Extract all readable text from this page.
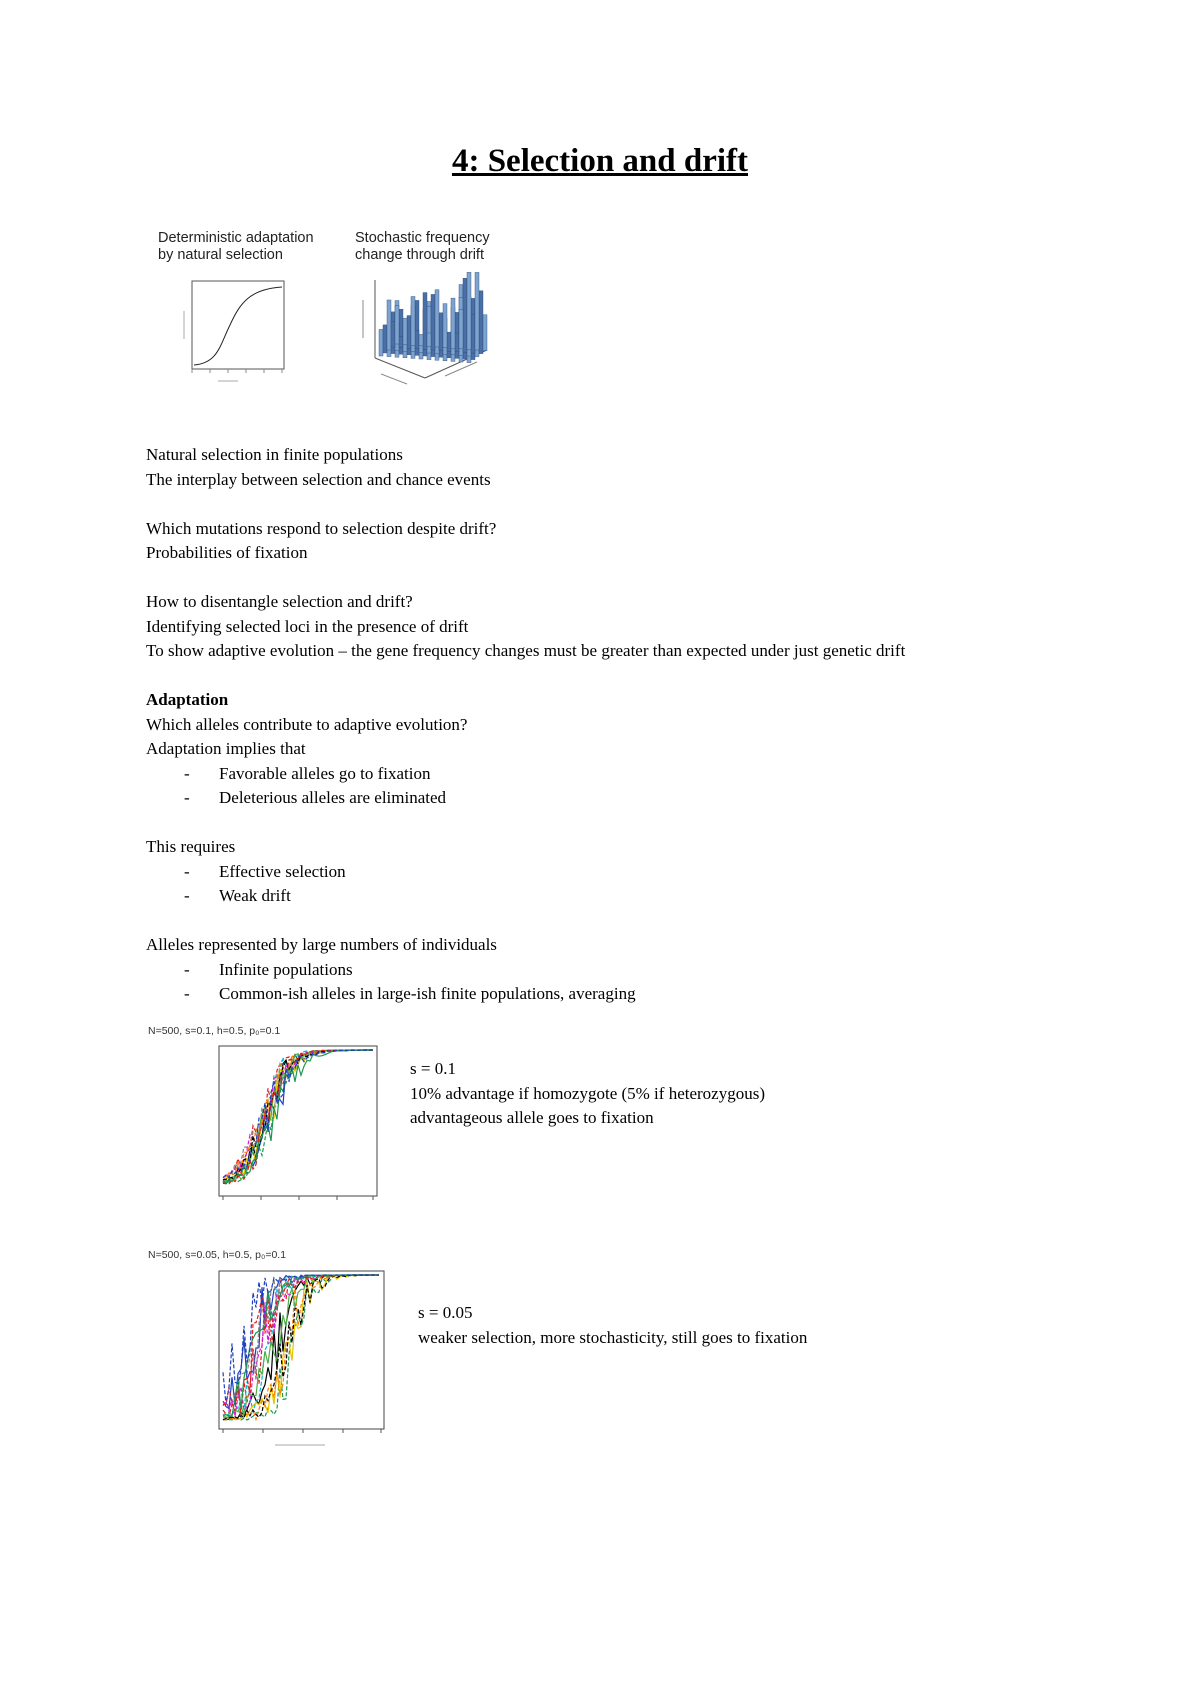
4: Selection and drift
Deterministic adaptation
by natural selection
Stochastic frequency
change through drift
Natural selection in finite populations
The interplay between selection and chance events
Which mutations respond to selection despite drift?
Probabilities of fixation
How to disentangle selection and drift?
Identifying selected loci in the presence of drift
To show adaptive evolution – the gene frequency changes must be greater than expected under just genetic drift
Adaptation
Which alleles contribute to adaptive evolution?
Adaptation implies that
- Favorable alleles go to fixation
- Deleterious alleles are eliminated
This requires
- Effective selection
- Weak drift
Alleles represented by large numbers of individuals
- Infinite populations
- Common-ish alleles in large-ish finite populations, averaging
N=500, s=0.1, h=0.5, p₀=0.1
s = 0.1
10% advantage if homozygote (5% if heterozygous)
advantageous allele goes to fixation
N=500, s=0.05, h=0.5, p₀=0.1
s = 0.05
weaker selection, more stochasticity, still goes to fixation
